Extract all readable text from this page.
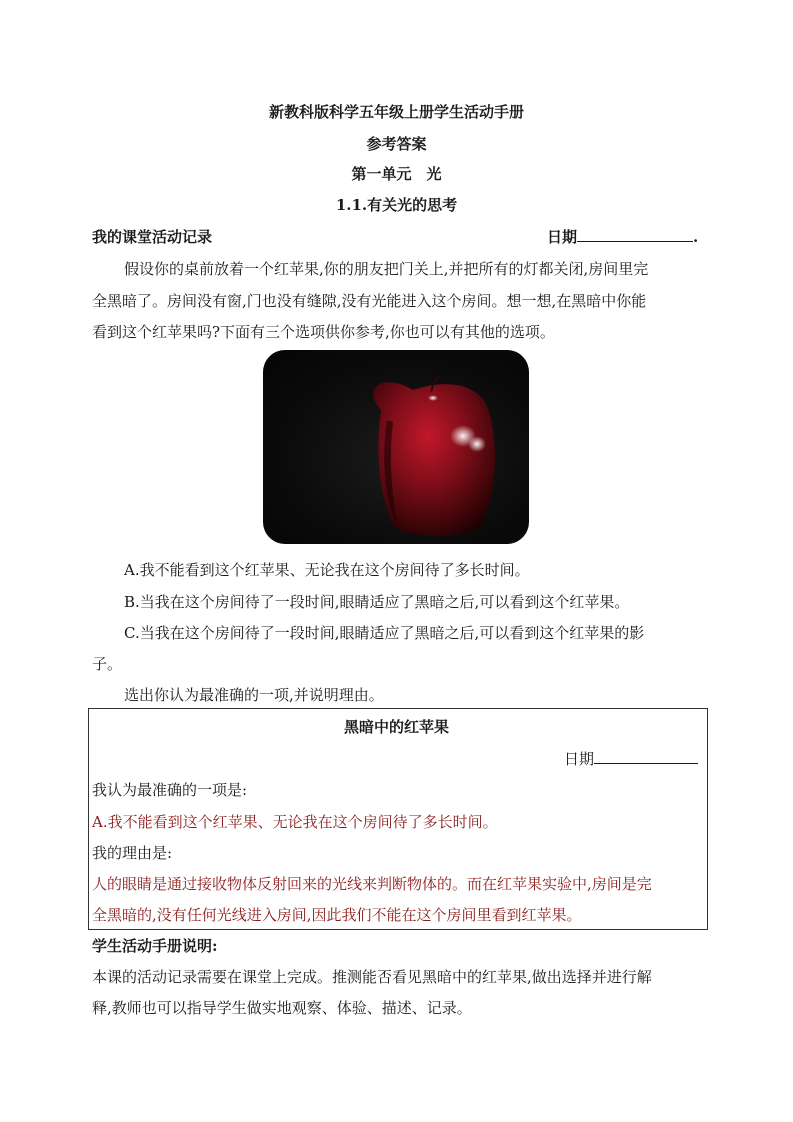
新教科版科学五年级上册学生活动手册
参考答案
第一单元　光
1.1.有关光的思考
我的课堂活动记录	日期	.
假设你的桌前放着一个红苹果,你的朋友把门关上,并把所有的灯都关闭,房间里完
全黑暗了。房间没有窗,门也没有缝隙,没有光能进入这个房间。想一想,在黑暗中你能
看到这个红苹果吗?下面有三个选项供你参考,你也可以有其他的选项。
A.我不能看到这个红苹果、无论我在这个房间待了多长时间。
B.当我在这个房间待了一段时间,眼睛适应了黑暗之后,可以看到这个红苹果。
C.当我在这个房间待了一段时间,眼睛适应了黑暗之后,可以看到这个红苹果的影
子。
选出你认为最准确的一项,并说明理由。
黑暗中的红苹果
日期
我认为最准确的一项是:
A.我不能看到这个红苹果、无论我在这个房间待了多长时间。
我的理由是:
人的眼睛是通过接收物体反射回来的光线来判断物体的。而在红苹果实验中,房间是完
全黑暗的,没有任何光线进入房间,因此我们不能在这个房间里看到红苹果。
学生活动手册说明:
本课的活动记录需要在课堂上完成。推测能否看见黑暗中的红苹果,做出选择并进行解
释,教师也可以指导学生做实地观察、体验、描述、记录。
